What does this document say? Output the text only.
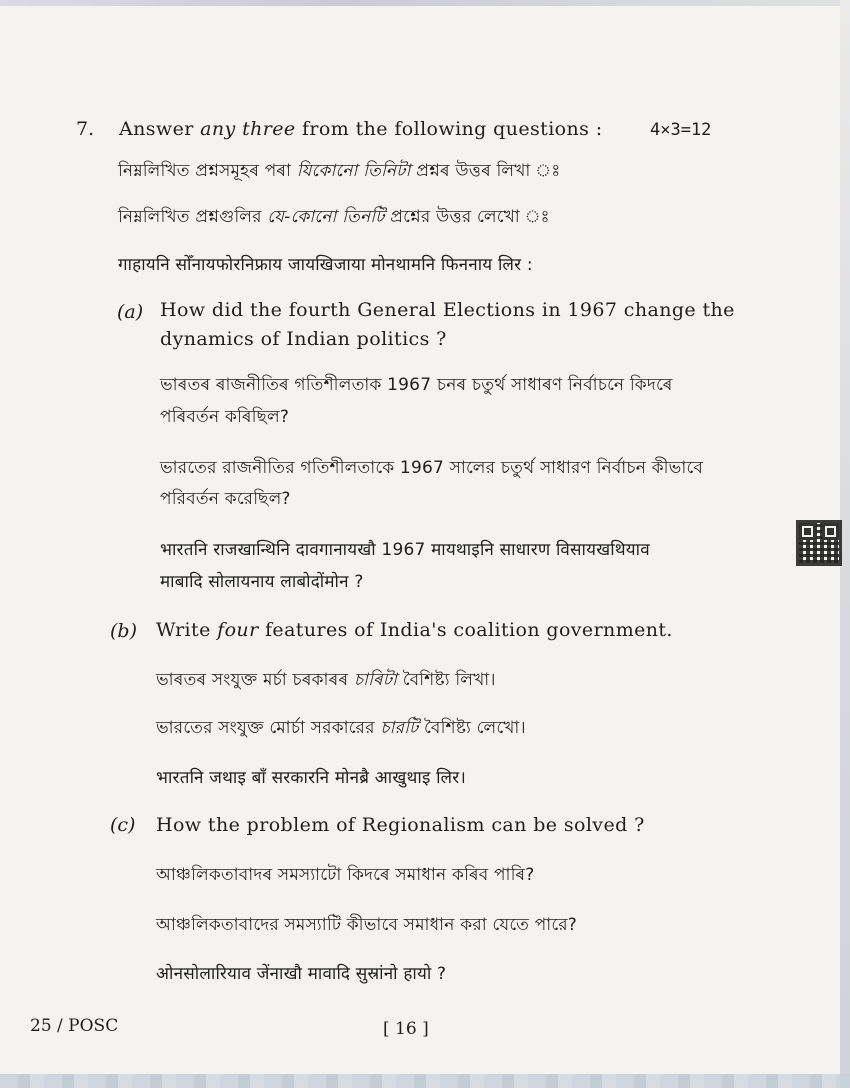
7. Answer any three from the following questions :	4×3=12
নিম্নলিখিত প্ৰশ্নসমূহৰ পৰা যিকোনো তিনিটা প্ৰশ্নৰ উত্তৰ লিখা ঃ
নিম্নলিখিত প্রশ্নগুলির যে-কোনো তিনটি প্রশ্নের উত্তর লেখো ঃ
गाहायनि सोँनायफोरनिफ्राय जायखिजाया मोनथामनि फिननाय लिर :
(a) How did the fourth General Elections in 1967 change the
dynamics of Indian politics ?
ভাৰতৰ ৰাজনীতিৰ গতিশীলতাক 1967 চনৰ চতুৰ্থ সাধাৰণ নিৰ্বাচনে কিদৰে
পৰিবৰ্তন কৰিছিল?
ভারতের রাজনীতির গতিশীলতাকে 1967 সালের চতুর্থ সাধারণ নির্বাচন কীভাবে
পরিবর্তন করেছিল?
भारतनि राजखान्थिनि दावगानायखौ 1967 मायथाइनि साधारण विसायखथियाव
माबादि सोलायनाय लाबोदोंमोन ?
(b) Write four features of India's coalition government.
ভাৰতৰ সংযুক্ত মৰ্চা চৰকাৰৰ চাৰিটা বৈশিষ্ট্য লিখা।
ভারতের সংযুক্ত মোর্চা সরকারের চারটি বৈশিষ্ট্য লেখো।
भारतनि जथाइ बाँ सरकारनि मोनब्रै आखुथाइ लिर।
(c) How the problem of Regionalism can be solved ?
আঞ্চলিকতাবাদৰ সমস্যাটো কিদৰে সমাধান কৰিব পাৰি?
আঞ্চলিকতাবাদের সমস্যাটি কীভাবে সমাধান করা যেতে পারে?
ओनसोलारियाव जेंनाखौ मावादि सुस्रांनो हायो ?
25 / POSC	[ 16 ]
